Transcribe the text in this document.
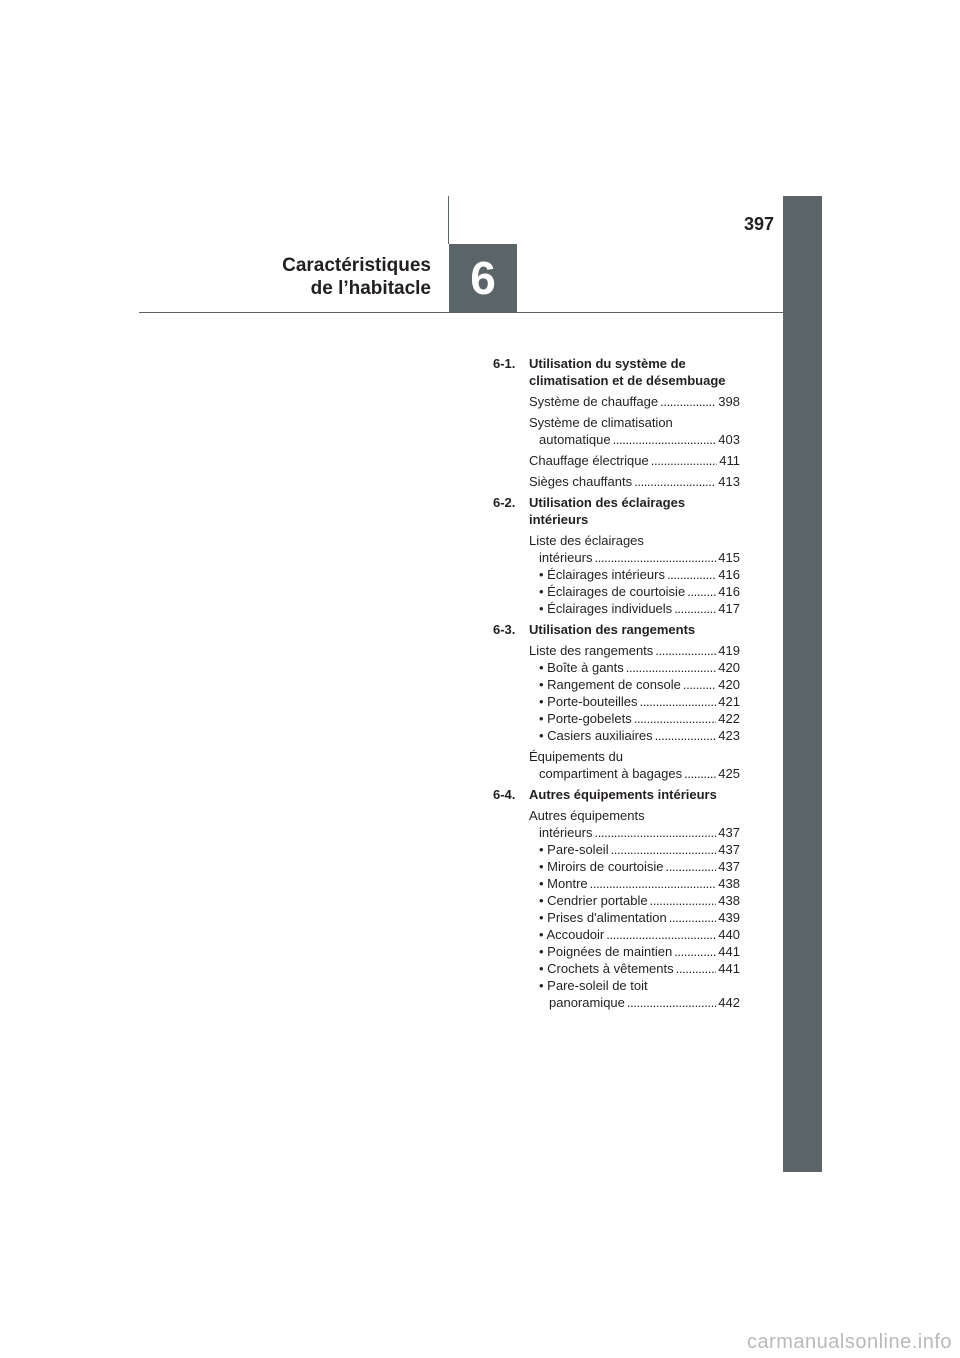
397
Caractéristiques
de l’habitacle 6
6-1.	Utilisation du système de climatisation et de désembuage
Système de chauffage . . .	398
Système de climatisation
automatique . . .	403
Chauffage électrique . . .	411
Sièges chauffants . . .	413
6-2.	Utilisation des éclairages intérieurs
Liste des éclairages
intérieurs . . .	415
• Éclairages intérieurs . . .	416
• Éclairages de courtoisie . . .	416
• Éclairages individuels . . .	417
6-3.	Utilisation des rangements
Liste des rangements . . .	419
• Boîte à gants . . .	420
• Rangement de console . . .	420
• Porte-bouteilles . . .	421
• Porte-gobelets . . .	422
• Casiers auxiliaires . . .	423
Équipements du
compartiment à bagages . . .	425
6-4.	Autres équipements intérieurs
Autres équipements
intérieurs . . .	437
• Pare-soleil . . .	437
• Miroirs de courtoisie . . .	437
• Montre . . .	438
• Cendrier portable . . .	438
• Prises d'alimentation . . .	439
• Accoudoir . . .	440
• Poignées de maintien . . .	441
• Crochets à vêtements . . .	441
• Pare-soleil de toit
panoramique . . .	442
carmanualsonline.info
